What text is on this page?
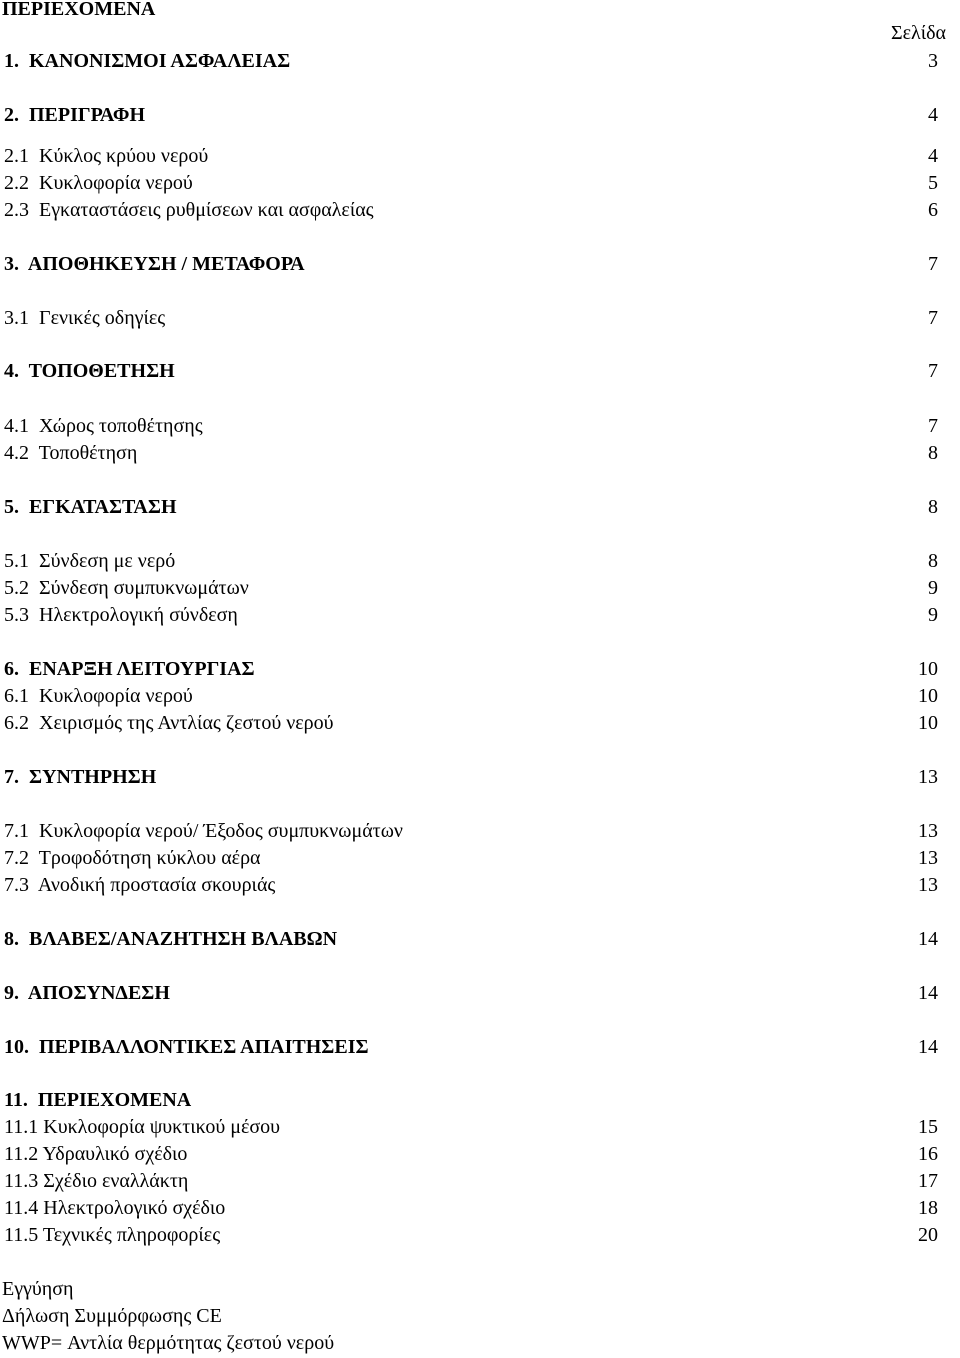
ΠΕΡΙΕΧΟΜΕΝΑ
Σελίδα
1.  ΚΑΝΟΝΙΣΜΟΙ ΑΣΦΑΛΕΙΑΣ	3
2.  ΠΕΡΙΓΡΑΦΗ	4
2.1  Κύκλος κρύου νερού	4
2.2  Κυκλοφορία νερού	5
2.3  Εγκαταστάσεις ρυθμίσεων και ασφαλείας	6
3.  ΑΠΟΘΗΚΕΥΣΗ / ΜΕΤΑΦΟΡΑ	7
3.1  Γενικές οδηγίες	7
4.  ΤΟΠΟΘΕΤΗΣΗ	7
4.1  Χώρος τοποθέτησης	7
4.2  Τοποθέτηση	8
5.  ΕΓΚΑΤΑΣΤΑΣΗ	8
5.1  Σύνδεση με νερό	8
5.2  Σύνδεση συμπυκνωμάτων	9
5.3  Ηλεκτρολογική σύνδεση	9
6.  ΕΝΑΡΞΗ ΛΕΙΤΟΥΡΓΙΑΣ	10
6.1  Κυκλοφορία νερού	10
6.2  Χειρισμός της Αντλίας ζεστού νερού	10
7.  ΣΥΝΤΗΡΗΣΗ	13
7.1  Κυκλοφορία νερού/ Έξοδος συμπυκνωμάτων	13
7.2  Τροφοδότηση κύκλου αέρα	13
7.3  Ανοδική προστασία σκουριάς	13
8.  ΒΛΑΒΕΣ/ΑΝΑΖΗΤΗΣΗ ΒΛΑΒΩΝ	14
9.  ΑΠΟΣΥΝΔΕΣΗ	14
10.  ΠΕΡΙΒΑΛΛΟΝΤΙΚΕΣ ΑΠΑΙΤΗΣΕΙΣ	14
11.  ΠΕΡΙΕΧΟΜΕΝΑ
11.1 Κυκλοφορία ψυκτικού μέσου	15
11.2 Υδραυλικό σχέδιο	16
11.3 Σχέδιο εναλλάκτη	17
11.4 Ηλεκτρολογικό σχέδιο	18
11.5 Τεχνικές πληροφορίες	20
Εγγύηση
Δήλωση Συμμόρφωσης CE
WWP= Αντλία θερμότητας ζεστού νερού
